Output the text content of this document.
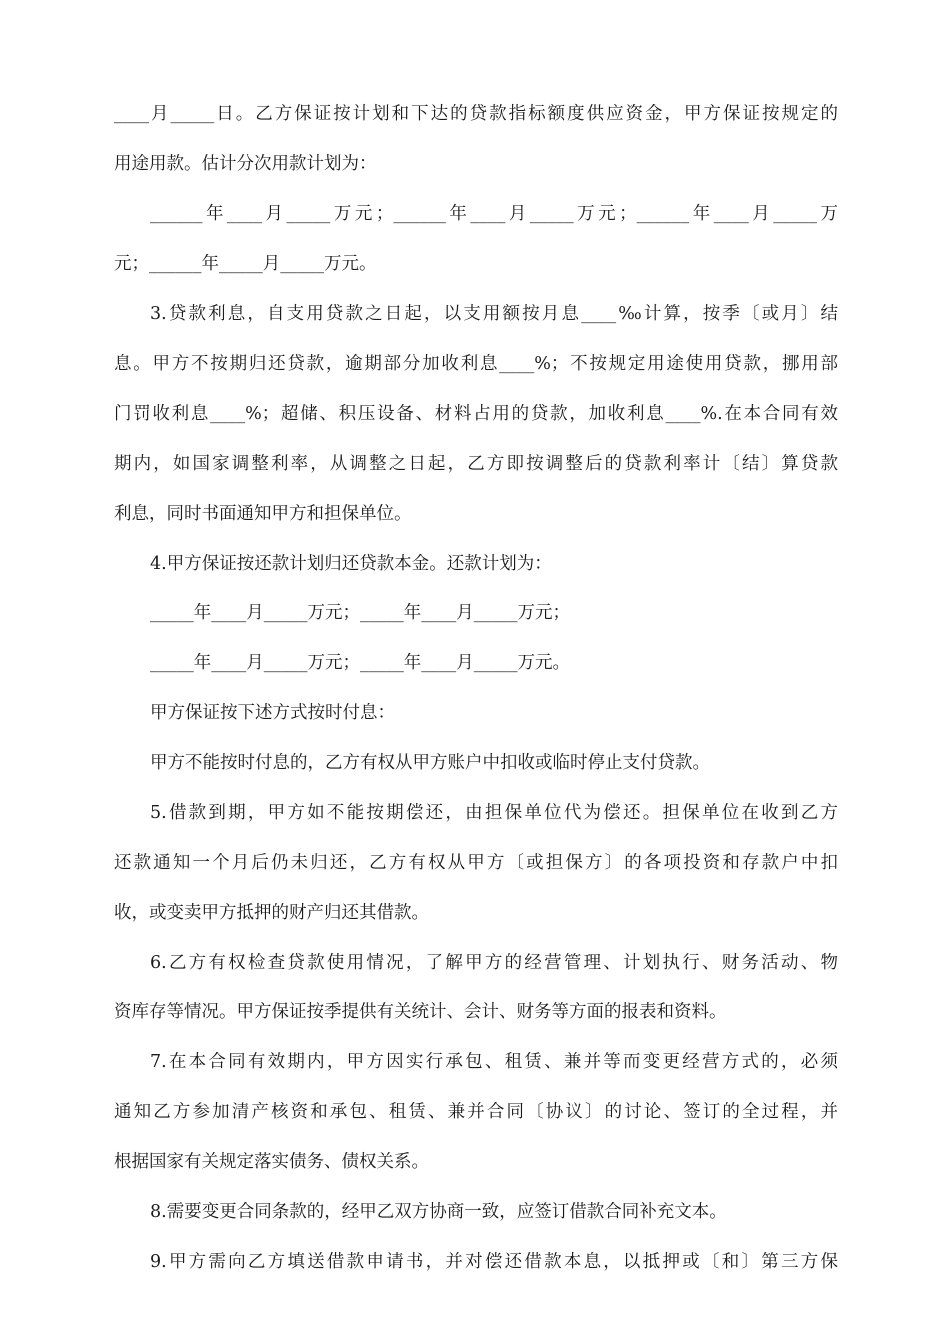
____月_____日。乙方保证按计划和下达的贷款指标额度供应资金，甲方保证按规定的
用途用款。估计分次用款计划为：
______年____月_____万元；______年____月_____万元；______年____月_____万
元；______年_____月_____万元。
3.贷款利息，自支用贷款之日起，以支用额按月息____‰计算，按季〔或月〕结
息。甲方不按期归还贷款，逾期部分加收利息____%；不按规定用途使用贷款，挪用部
门罚收利息____%；超储、积压设备、材料占用的贷款，加收利息____%.在本合同有效
期内，如国家调整利率，从调整之日起，乙方即按调整后的贷款利率计〔结〕算贷款
利息，同时书面通知甲方和担保单位。
4.甲方保证按还款计划归还贷款本金。还款计划为：
_____年____月_____万元；_____年____月_____万元；
_____年____月_____万元；_____年____月_____万元。
甲方保证按下述方式按时付息：
甲方不能按时付息的，乙方有权从甲方账户中扣收或临时停止支付贷款。
5.借款到期，甲方如不能按期偿还，由担保单位代为偿还。担保单位在收到乙方
还款通知一个月后仍未归还，乙方有权从甲方〔或担保方〕的各项投资和存款户中扣
收，或变卖甲方抵押的财产归还其借款。
6.乙方有权检查贷款使用情况，了解甲方的经营管理、计划执行、财务活动、物
资库存等情况。甲方保证按季提供有关统计、会计、财务等方面的报表和资料。
7.在本合同有效期内，甲方因实行承包、租赁、兼并等而变更经营方式的，必须
通知乙方参加清产核资和承包、租赁、兼并合同〔协议〕的讨论、签订的全过程，并
根据国家有关规定落实债务、债权关系。
8.需要变更合同条款的，经甲乙双方协商一致，应签订借款合同补充文本。
9.甲方需向乙方填送借款申请书，并对偿还借款本息，以抵押或〔和〕第三方保
